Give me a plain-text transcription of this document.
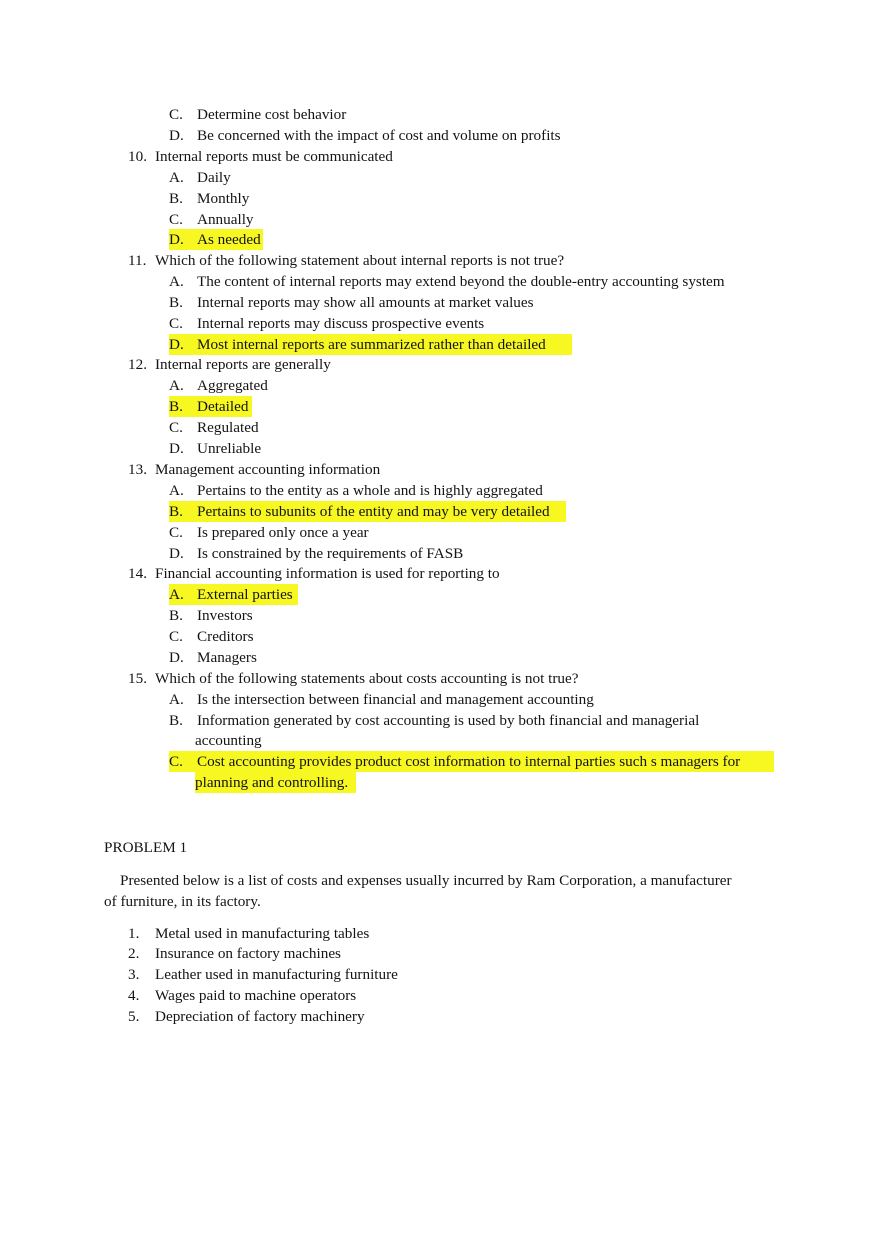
C. Determine cost behavior
D. Be concerned with the impact of cost and volume on profits
10. Internal reports must be communicated
A. Daily
B. Monthly
C. Annually
D. As needed
11. Which of the following statement about internal reports is not true?
A. The content of internal reports may extend beyond the double-entry accounting system
B. Internal reports may show all amounts at market values
C. Internal reports may discuss prospective events
D. Most internal reports are summarized rather than detailed
12. Internal reports are generally
A. Aggregated
B. Detailed
C. Regulated
D. Unreliable
13. Management accounting information
A. Pertains to the entity as a whole and is highly aggregated
B. Pertains to subunits of the entity and may be very detailed
C. Is prepared only once a year
D. Is constrained by the requirements of FASB
14. Financial accounting information is used for reporting to
A. External parties
B. Investors
C. Creditors
D. Managers
15. Which of the following statements about costs accounting is not true?
A. Is the intersection between financial and management accounting
B. Information generated by cost accounting is used by both financial and managerial
accounting
C. Cost accounting provides product cost information to internal parties such s managers for
planning and controlling.
PROBLEM 1

Presented below is a list of costs and expenses usually incurred by Ram Corporation, a manufacturer

of furniture, in its factory.

1. Metal used in manufacturing tables
2. Insurance on factory machines
3. Leather used in manufacturing furniture
4. Wages paid to machine operators
5. Depreciation of factory machinery
